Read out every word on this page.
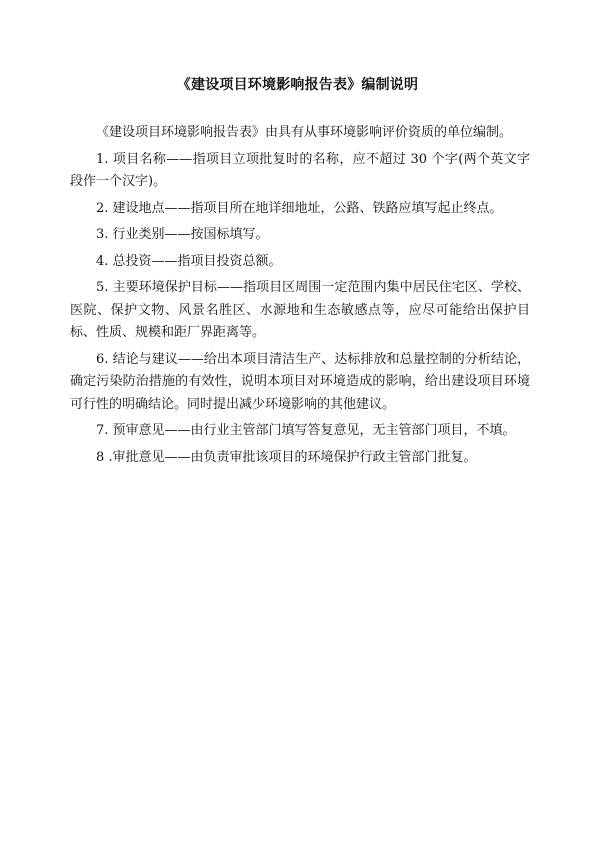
《建设项目环境影响报告表》编制说明

《建设项目环境影响报告表》由具有从事环境影响评价资质的单位编制。

1. 项目名称——指项目立项批复时的名称，应不超过 30 个字(两个英文字段作一个汉字)。

2. 建设地点——指项目所在地详细地址，公路、铁路应填写起止终点。

3. 行业类别——按国标填写。

4. 总投资——指项目投资总额。

5. 主要环境保护目标——指项目区周围一定范围内集中居民住宅区、学校、医院、保护文物、风景名胜区、水源地和生态敏感点等，应尽可能给出保护目标、性质、规模和距厂界距离等。

6. 结论与建议——给出本项目清洁生产、达标排放和总量控制的分析结论，确定污染防治措施的有效性，说明本项目对环境造成的影响，给出建设项目环境可行性的明确结论。同时提出减少环境影响的其他建议。

7. 预审意见——由行业主管部门填写答复意见，无主管部门项目，不填。

8 .审批意见——由负责审批该项目的环境保护行政主管部门批复。
